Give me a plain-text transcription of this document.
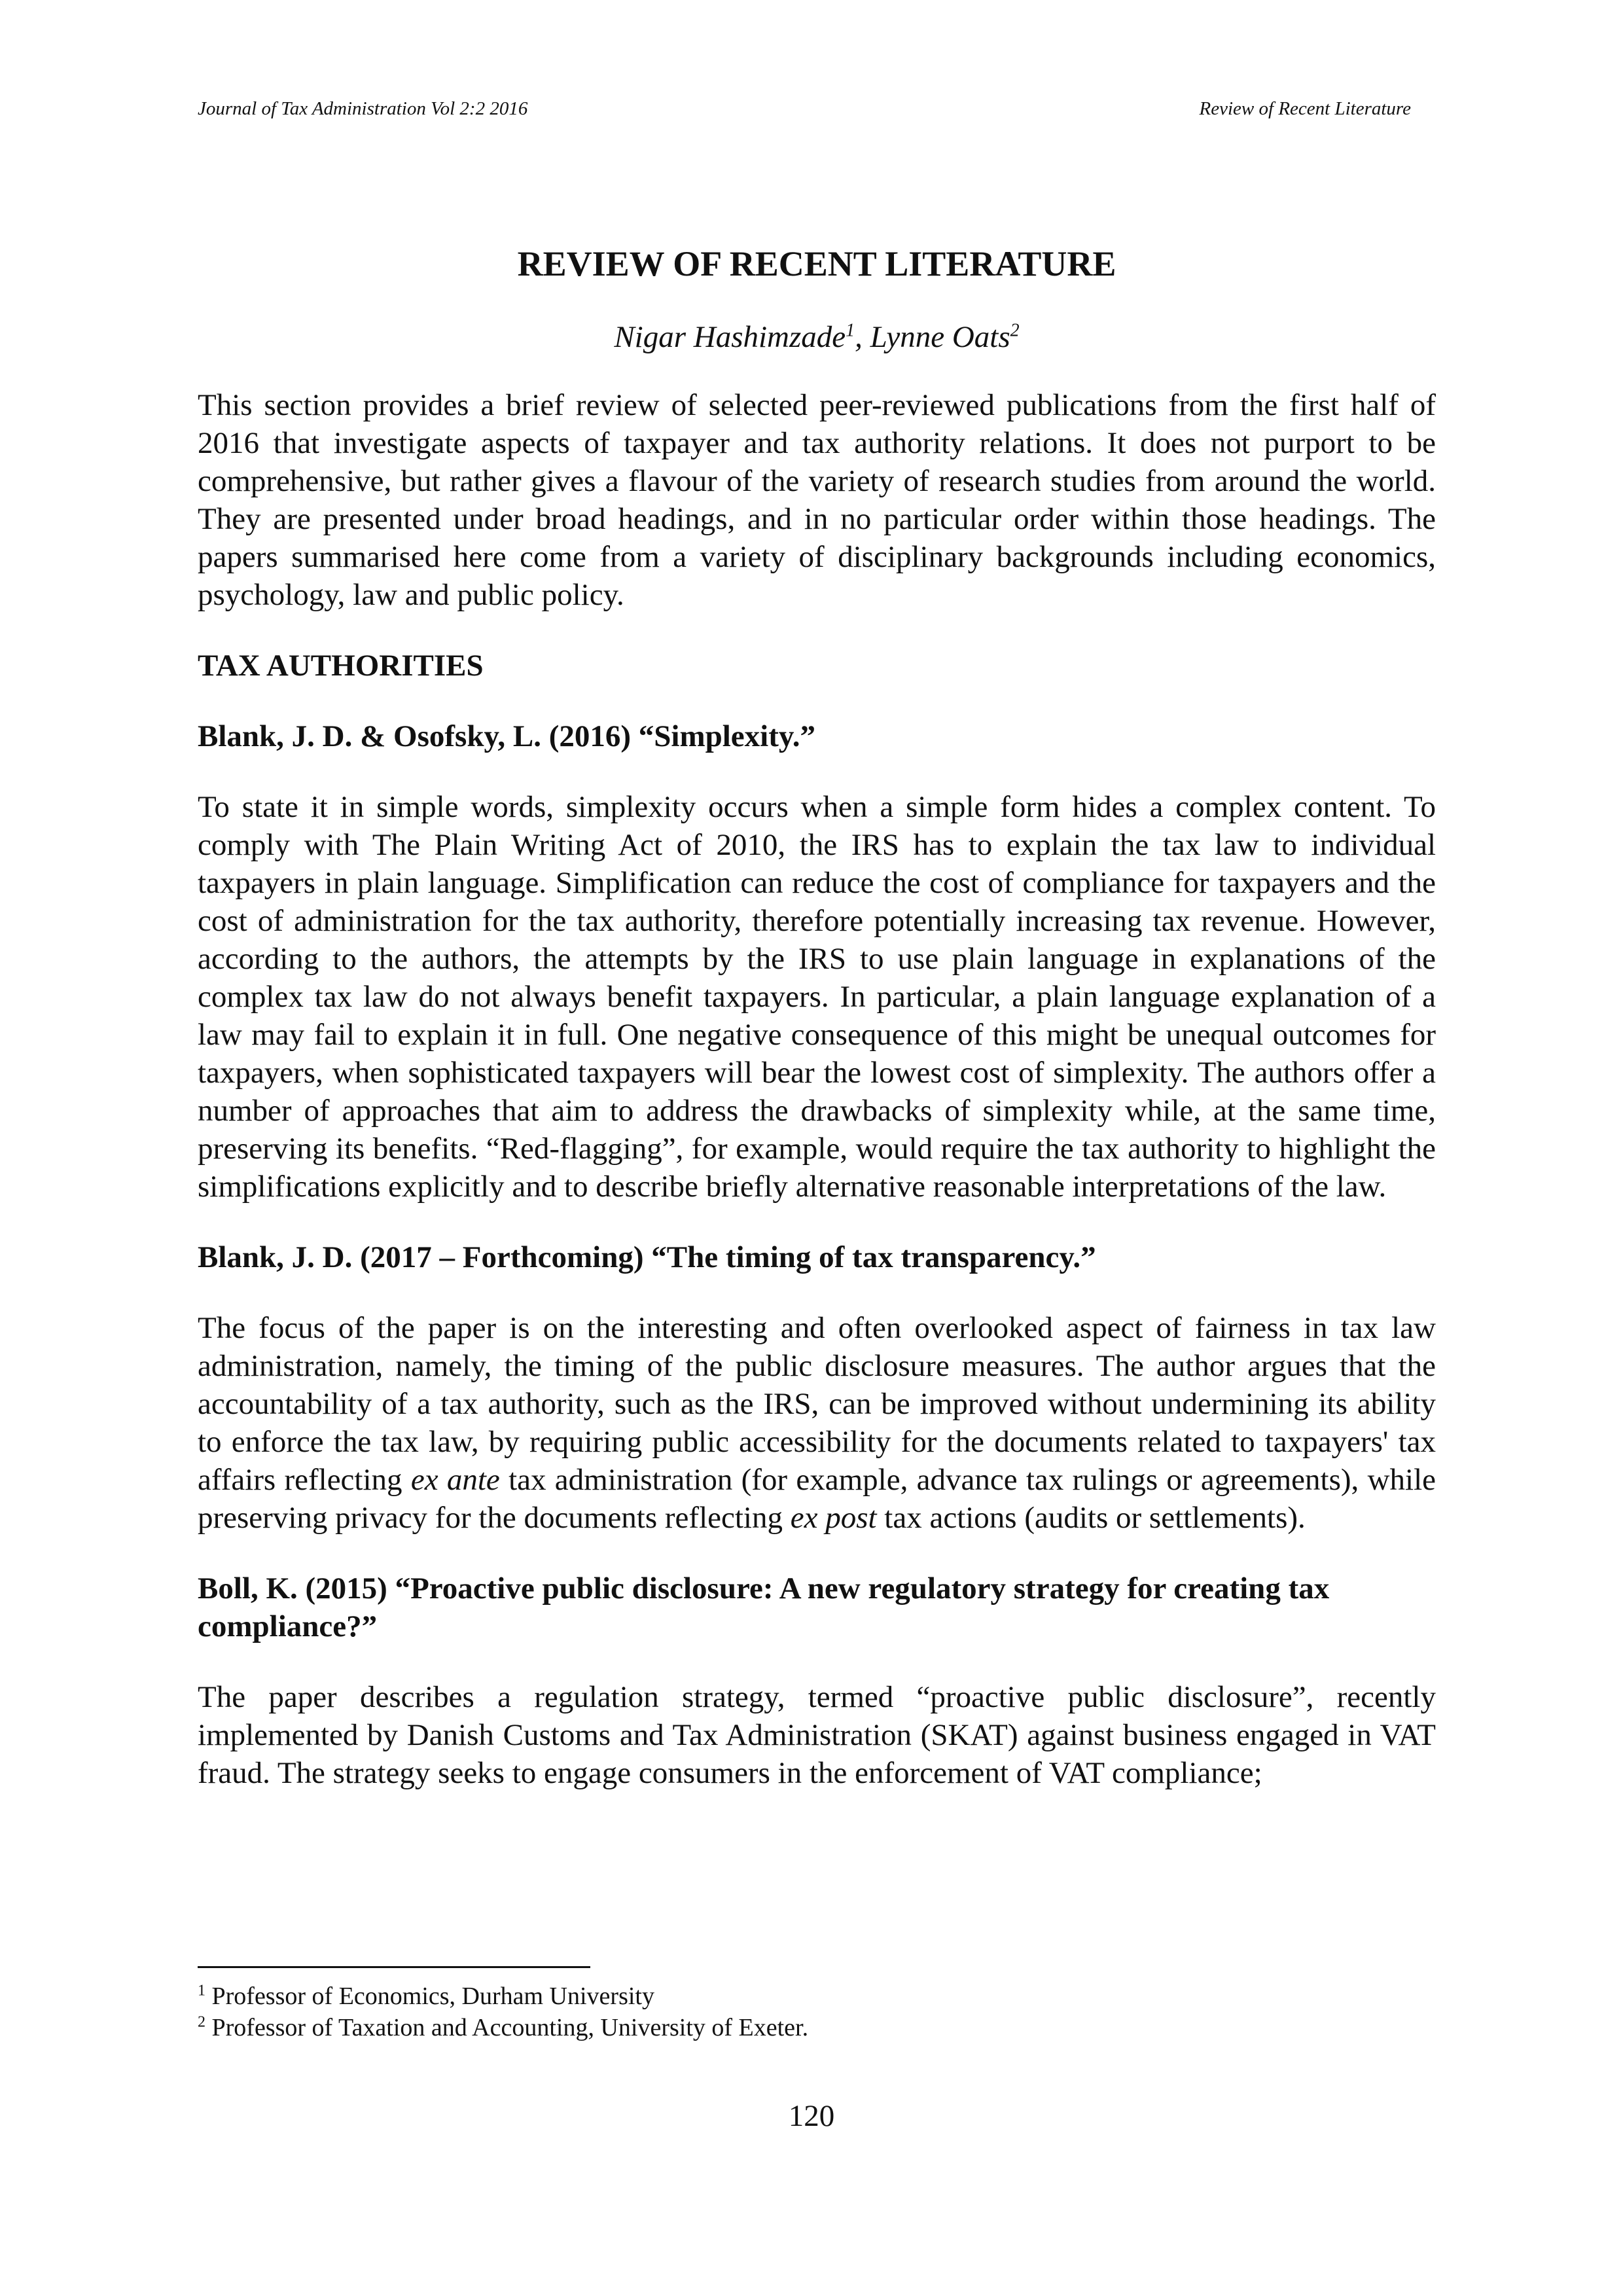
Journal of Tax Administration Vol 2:2 2016	Review of Recent Literature
REVIEW OF RECENT LITERATURE
Nigar Hashimzade$^1$, Lynne Oats$^2$

This section provides a brief review of selected peer-reviewed publications from the first half of 2016 that investigate aspects of taxpayer and tax authority relations. It does not purport to be comprehensive, but rather gives a flavour of the variety of research studies from around the world. They are presented under broad headings, and in no particular order within those headings. The papers summarised here come from a variety of disciplinary backgrounds including economics, psychology, law and public policy.

TAX AUTHORITIES
Blank, J. D. & Osofsky, L. (2016) “Simplexity.”

To state it in simple words, simplexity occurs when a simple form hides a complex content. To comply with The Plain Writing Act of 2010, the IRS has to explain the tax law to individual taxpayers in plain language. Simplification can reduce the cost of compliance for taxpayers and the cost of administration for the tax authority, therefore potentially increasing tax revenue. However, according to the authors, the attempts by the IRS to use plain language in explanations of the complex tax law do not always benefit taxpayers. In particular, a plain language explanation of a law may fail to explain it in full. One negative consequence of this might be unequal outcomes for taxpayers, when sophisticated taxpayers will bear the lowest cost of simplexity. The authors offer a number of approaches that aim to address the drawbacks of simplexity while, at the same time, preserving its benefits. “Red-flagging”, for example, would require the tax authority to highlight the simplifications explicitly and to describe briefly alternative reasonable interpretations of the law.

Blank, J. D. (2017 – Forthcoming) “The timing of tax transparency.”

The focus of the paper is on the interesting and often overlooked aspect of fairness in tax law administration, namely, the timing of the public disclosure measures. The author argues that the accountability of a tax authority, such as the IRS, can be improved without undermining its ability to enforce the tax law, by requiring public accessibility for the documents related to taxpayers' tax affairs reflecting ex ante tax administration (for example, advance tax rulings or agreements), while preserving privacy for the documents reflecting ex post tax actions (audits or settlements).

Boll, K. (2015) “Proactive public disclosure: A new regulatory strategy for creating tax compliance?”

The paper describes a regulation strategy, termed “proactive public disclosure”, recently implemented by Danish Customs and Tax Administration (SKAT) against business engaged in VAT fraud. The strategy seeks to engage consumers in the enforcement of VAT compliance;

$^1$ Professor of Economics, Durham University
$^2$ Professor of Taxation and Accounting, University of Exeter.
120
